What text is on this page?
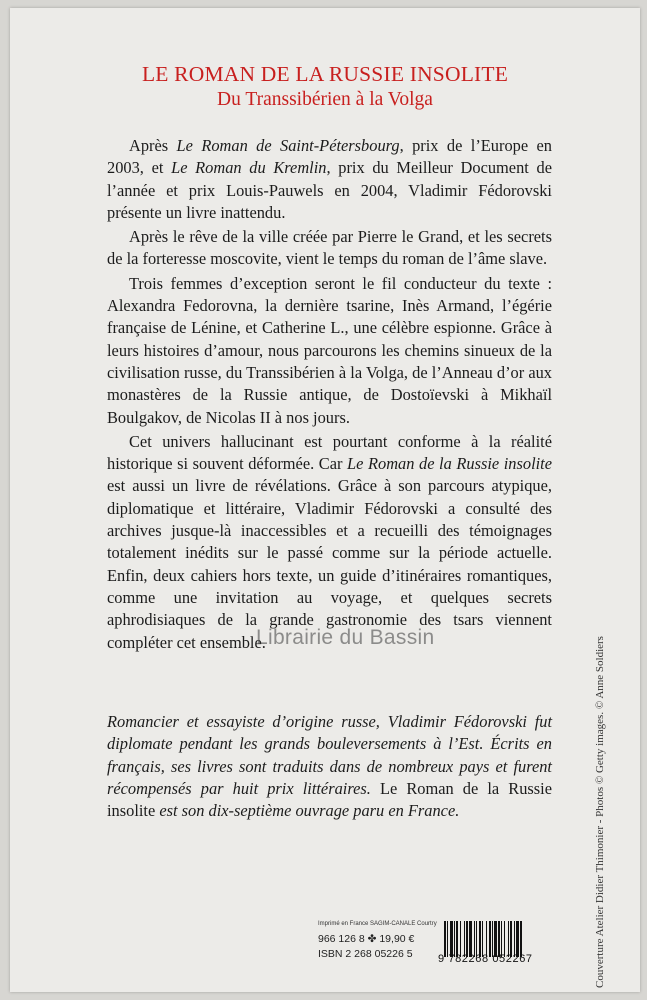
LE ROMAN DE LA RUSSIE INSOLITE
Du Transsibérien à la Volga

Après Le Roman de Saint-Pétersbourg, prix de l’Europe en 2003, et Le Roman du Kremlin, prix du Meilleur Document de l’année et prix Louis-Pauwels en 2004, Vladimir Fédorovski présente un livre inattendu.

Après le rêve de la ville créée par Pierre le Grand, et les secrets de la forteresse moscovite, vient le temps du roman de l’âme slave.

Trois femmes d’exception seront le fil conducteur du texte : Alexandra Fedorovna, la dernière tsarine, Inès Armand, l’égérie française de Lénine, et Catherine L., une célèbre espionne. Grâce à leurs histoires d’amour, nous parcourons les chemins sinueux de la civilisation russe, du Transsibérien à la Volga, de l’Anneau d’or aux monastères de la Russie antique, de Dostoïevski à Mikhaïl Boulgakov, de Nicolas II à nos jours.

Cet univers hallucinant est pourtant conforme à la réalité historique si souvent déformée. Car Le Roman de la Russie insolite est aussi un livre de révélations. Grâce à son parcours atypique, diplomatique et littéraire, Vladimir Fédorovski a consulté des archives jusque-là inaccessibles et a recueilli des témoignages totalement inédits sur le passé comme sur la période actuelle. Enfin, deux cahiers hors texte, un guide d’itinéraires romantiques, comme une invitation au voyage, et quelques secrets aphrodisiaques de la grande gastronomie des tsars viennent compléter cet ensemble.

Romancier et essayiste d’origine russe, Vladimir Fédorovski fut diplomate pendant les grands bouleversements à l’Est. Écrits en français, ses livres sont traduits dans de nombreux pays et furent récompensés par huit prix littéraires. Le Roman de la Russie insolite est son dix-septième ouvrage paru en France.
Imprimé en France SAGIM-CANALE Courtry
966 126 8 ✤ 19,90 €
ISBN 2 268 05226 5 9 782268 052267	Couverture Atelier Didier Thimonier - Photos © Getty images. © Anne Soldiers
Librairie du Bassin
